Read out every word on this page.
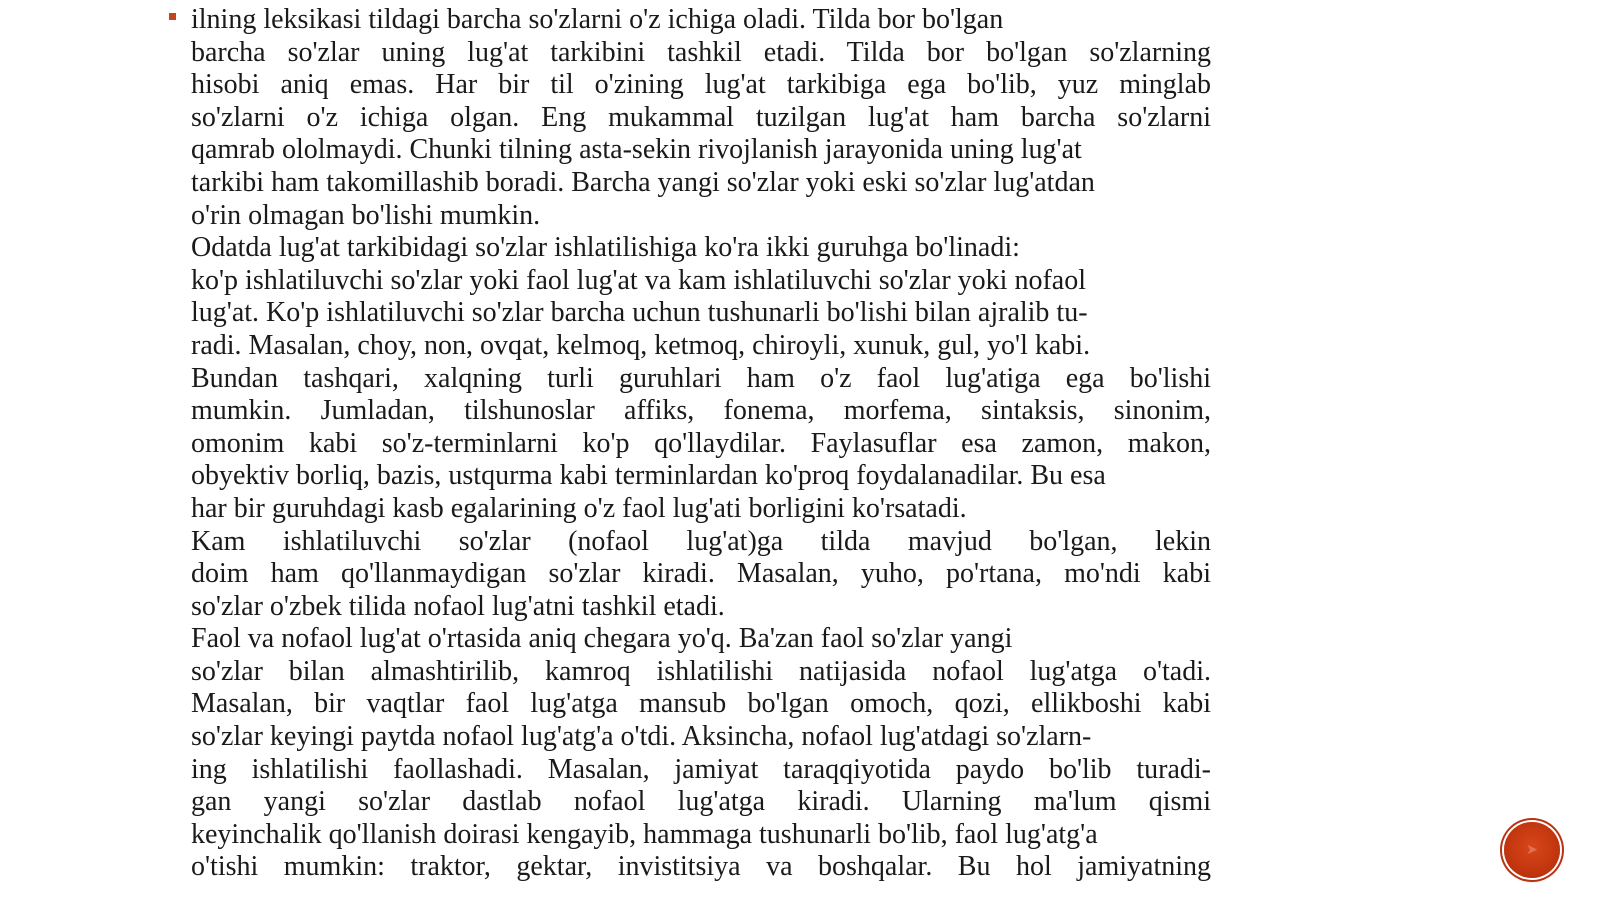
ilning leksikasi tildagi barcha so'zlarni o'z ichiga oladi. Tilda bor bo'lgan
barcha so'zlar uning lug'at tarkibini tashkil etadi. Tilda bor bo'lgan so'zlarning
hisobi aniq emas. Har bir til o'zining lug'at tarkibiga ega bo'lib, yuz minglab
so'zlarni o'z ichiga olgan. Eng mukammal tuzilgan lug'at ham barcha so'zlarni
qamrab ololmaydi. Chunki tilning asta-sekin rivojlanish jarayonida uning lug'at
tarkibi ham takomillashib boradi. Barcha yangi so'zlar yoki eski so'zlar lug'atdan
o'rin olmagan bo'lishi mumkin.
Odatda lug'at tarkibidagi so'zlar ishlatilishiga ko'ra ikki guruhga bo'linadi:
ko'p ishlatiluvchi so'zlar yoki faol lug'at va kam ishlatiluvchi so'zlar yoki nofaol
lug'at. Ko'p ishlatiluvchi so'zlar barcha uchun tushunarli bo'lishi bilan ajralib tu-
radi. Masalan, choy, non, ovqat, kelmoq, ketmoq, chiroyli, xunuk, gul, yo'l kabi.
Bundan tashqari, xalqning turli guruhlari ham o'z faol lug'atiga ega bo'lishi
mumkin. Jumladan, tilshunoslar affiks, fonema, morfema, sintaksis, sinonim,
omonim kabi so'z-terminlarni ko'p qo'llaydilar. Faylasuflar esa zamon, makon,
obyektiv borliq, bazis, ustqurma kabi terminlardan ko'proq foydalanadilar. Bu esa
har bir guruhdagi kasb egalarining o'z faol lug'ati borligini ko'rsatadi.
Kam ishlatiluvchi so'zlar (nofaol lug'at)ga tilda mavjud bo'lgan, lekin
doim ham qo'llanmaydigan so'zlar kiradi. Masalan, yuho, po'rtana, mo'ndi kabi
so'zlar o'zbek tilida nofaol lug'atni tashkil etadi.
Faol va nofaol lug'at o'rtasida aniq chegara yo'q. Ba'zan faol so'zlar yangi
so'zlar bilan almashtirilib, kamroq ishlatilishi natijasida nofaol lug'atga o'tadi.
Masalan, bir vaqtlar faol lug'atga mansub bo'lgan omoch, qozi, ellikboshi kabi
so'zlar keyingi paytda nofaol lug'atg'a o'tdi. Aksincha, nofaol lug'atdagi so'zlarn-
ing ishlatilishi faollashadi. Masalan, jamiyat taraqqiyotida paydo bo'lib turadi-
gan yangi so'zlar dastlab nofaol lug'atga kiradi. Ularning ma'lum qismi
keyinchalik qo'llanish doirasi kengayib, hammaga tushunarli bo'lib, faol lug'atg'a
o'tishi mumkin: traktor, gektar, invistitsiya va boshqalar. Bu hol jamiyatning
➤
